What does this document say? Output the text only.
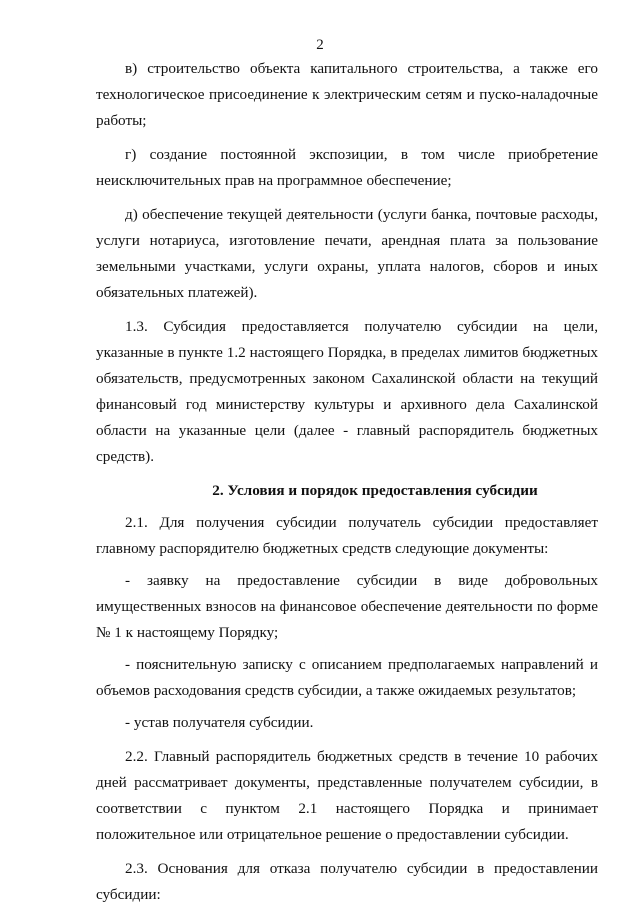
2

в) строительство объекта капитального строительства, а также его технологическое присоединение к электрическим сетям и пуско-наладочные работы;

г) создание постоянной экспозиции, в том числе приобретение неисключительных прав на программное обеспечение;

д) обеспечение текущей деятельности (услуги банка, почтовые расходы, услуги нотариуса, изготовление печати, арендная плата за пользование земельными участками, услуги охраны, уплата налогов, сборов и иных обязательных платежей).

1.3. Субсидия предоставляется получателю субсидии на цели, указанные в пункте 1.2 настоящего Порядка, в пределах лимитов бюджетных обязательств, предусмотренных законом Сахалинской области на текущий финансовый год министерству культуры и архивного дела Сахалинской области на указанные цели (далее - главный распорядитель бюджетных средств).

2. Условия и порядок предоставления субсидии

2.1. Для получения субсидии получатель субсидии предоставляет главному распорядителю бюджетных средств следующие документы:

-    заявку    на    предоставление    субсидии    в    виде    добровольных имущественных взносов на финансовое обеспечение деятельности по форме № 1 к настоящему Порядку;

- пояснительную записку с описанием предполагаемых направлений и объемов расходования средств субсидии, а также ожидаемых результатов;

- устав получателя субсидии.

2.2. Главный распорядитель бюджетных средств в течение 10 рабочих дней рассматривает документы, представленные получателем субсидии, в соответствии с пунктом 2.1 настоящего Порядка и принимает положительное или отрицательное решение о предоставлении субсидии.

2.3. Основания для отказа получателю субсидии в предоставлении субсидии:
